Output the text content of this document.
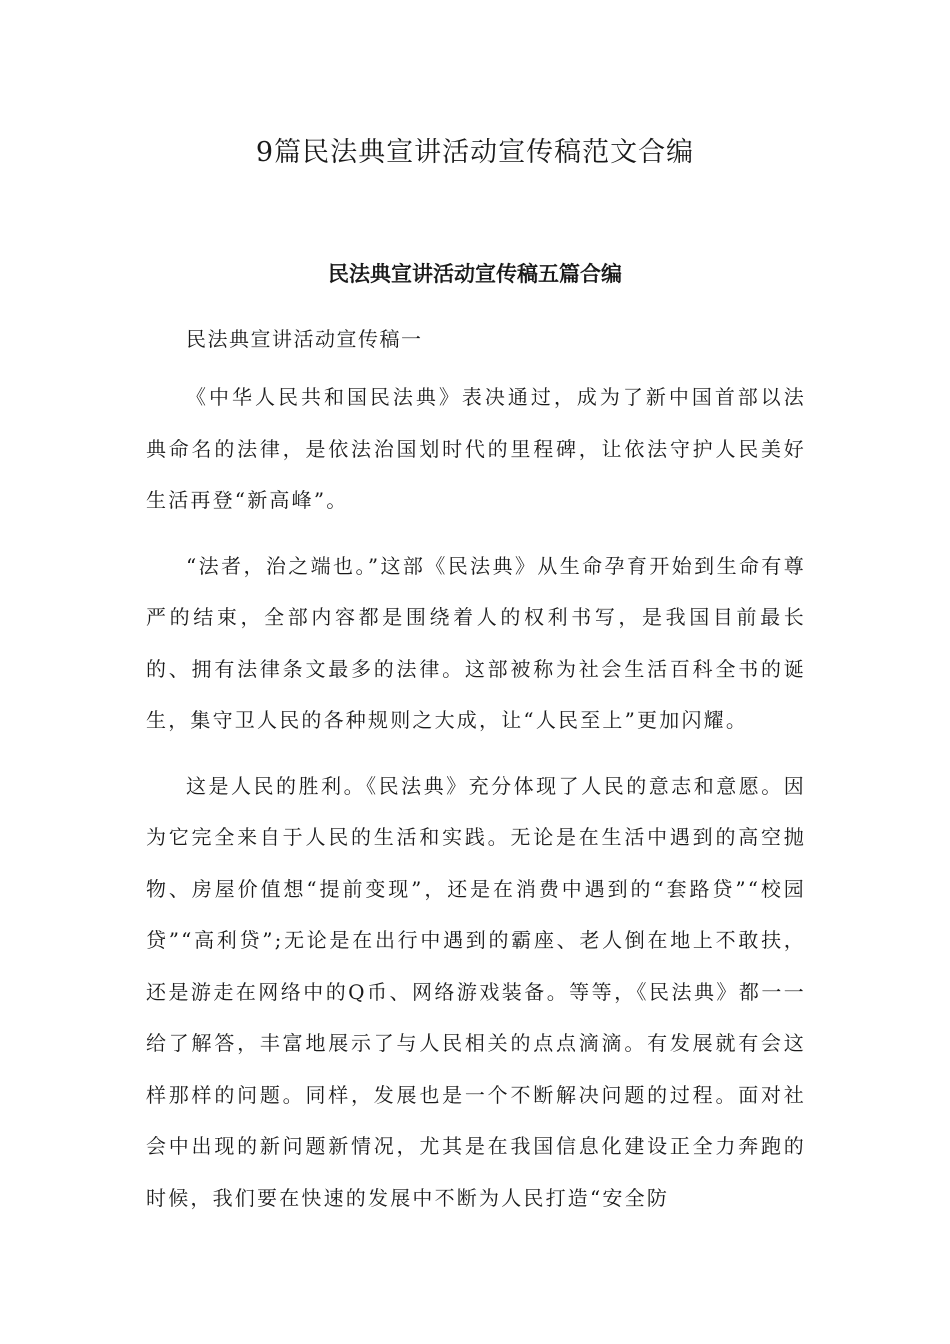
9篇民法典宣讲活动宣传稿范文合编
民法典宣讲活动宣传稿五篇合编

民法典宣讲活动宣传稿一

《中华人民共和国民法典》表决通过，成为了新中国首部以法典命名的法律，是依法治国划时代的里程碑，让依法守护人民美好生活再登“新高峰”。

“法者，治之端也。”这部《民法典》从生命孕育开始到生命有尊严的结束，全部内容都是围绕着人的权利书写，是我国目前最长的、拥有法律条文最多的法律。这部被称为社会生活百科全书的诞生，集守卫人民的各种规则之大成，让“人民至上”更加闪耀。

这是人民的胜利。《民法典》充分体现了人民的意志和意愿。因为它完全来自于人民的生活和实践。无论是在生活中遇到的高空抛物、房屋价值想“提前变现”，还是在消费中遇到的“套路贷”“校园贷”“高利贷”;无论是在出行中遇到的霸座、老人倒在地上不敢扶，还是游走在网络中的Q币、网络游戏装备。等等，《民法典》都一一给了解答，丰富地展示了与人民相关的点点滴滴。有发展就有会这样那样的问题。同样，发展也是一个不断解决问题的过程。面对社会中出现的新问题新情况，尤其是在我国信息化建设正全力奔跑的时候，我们要在快速的发展中不断为人民打造“安全防
